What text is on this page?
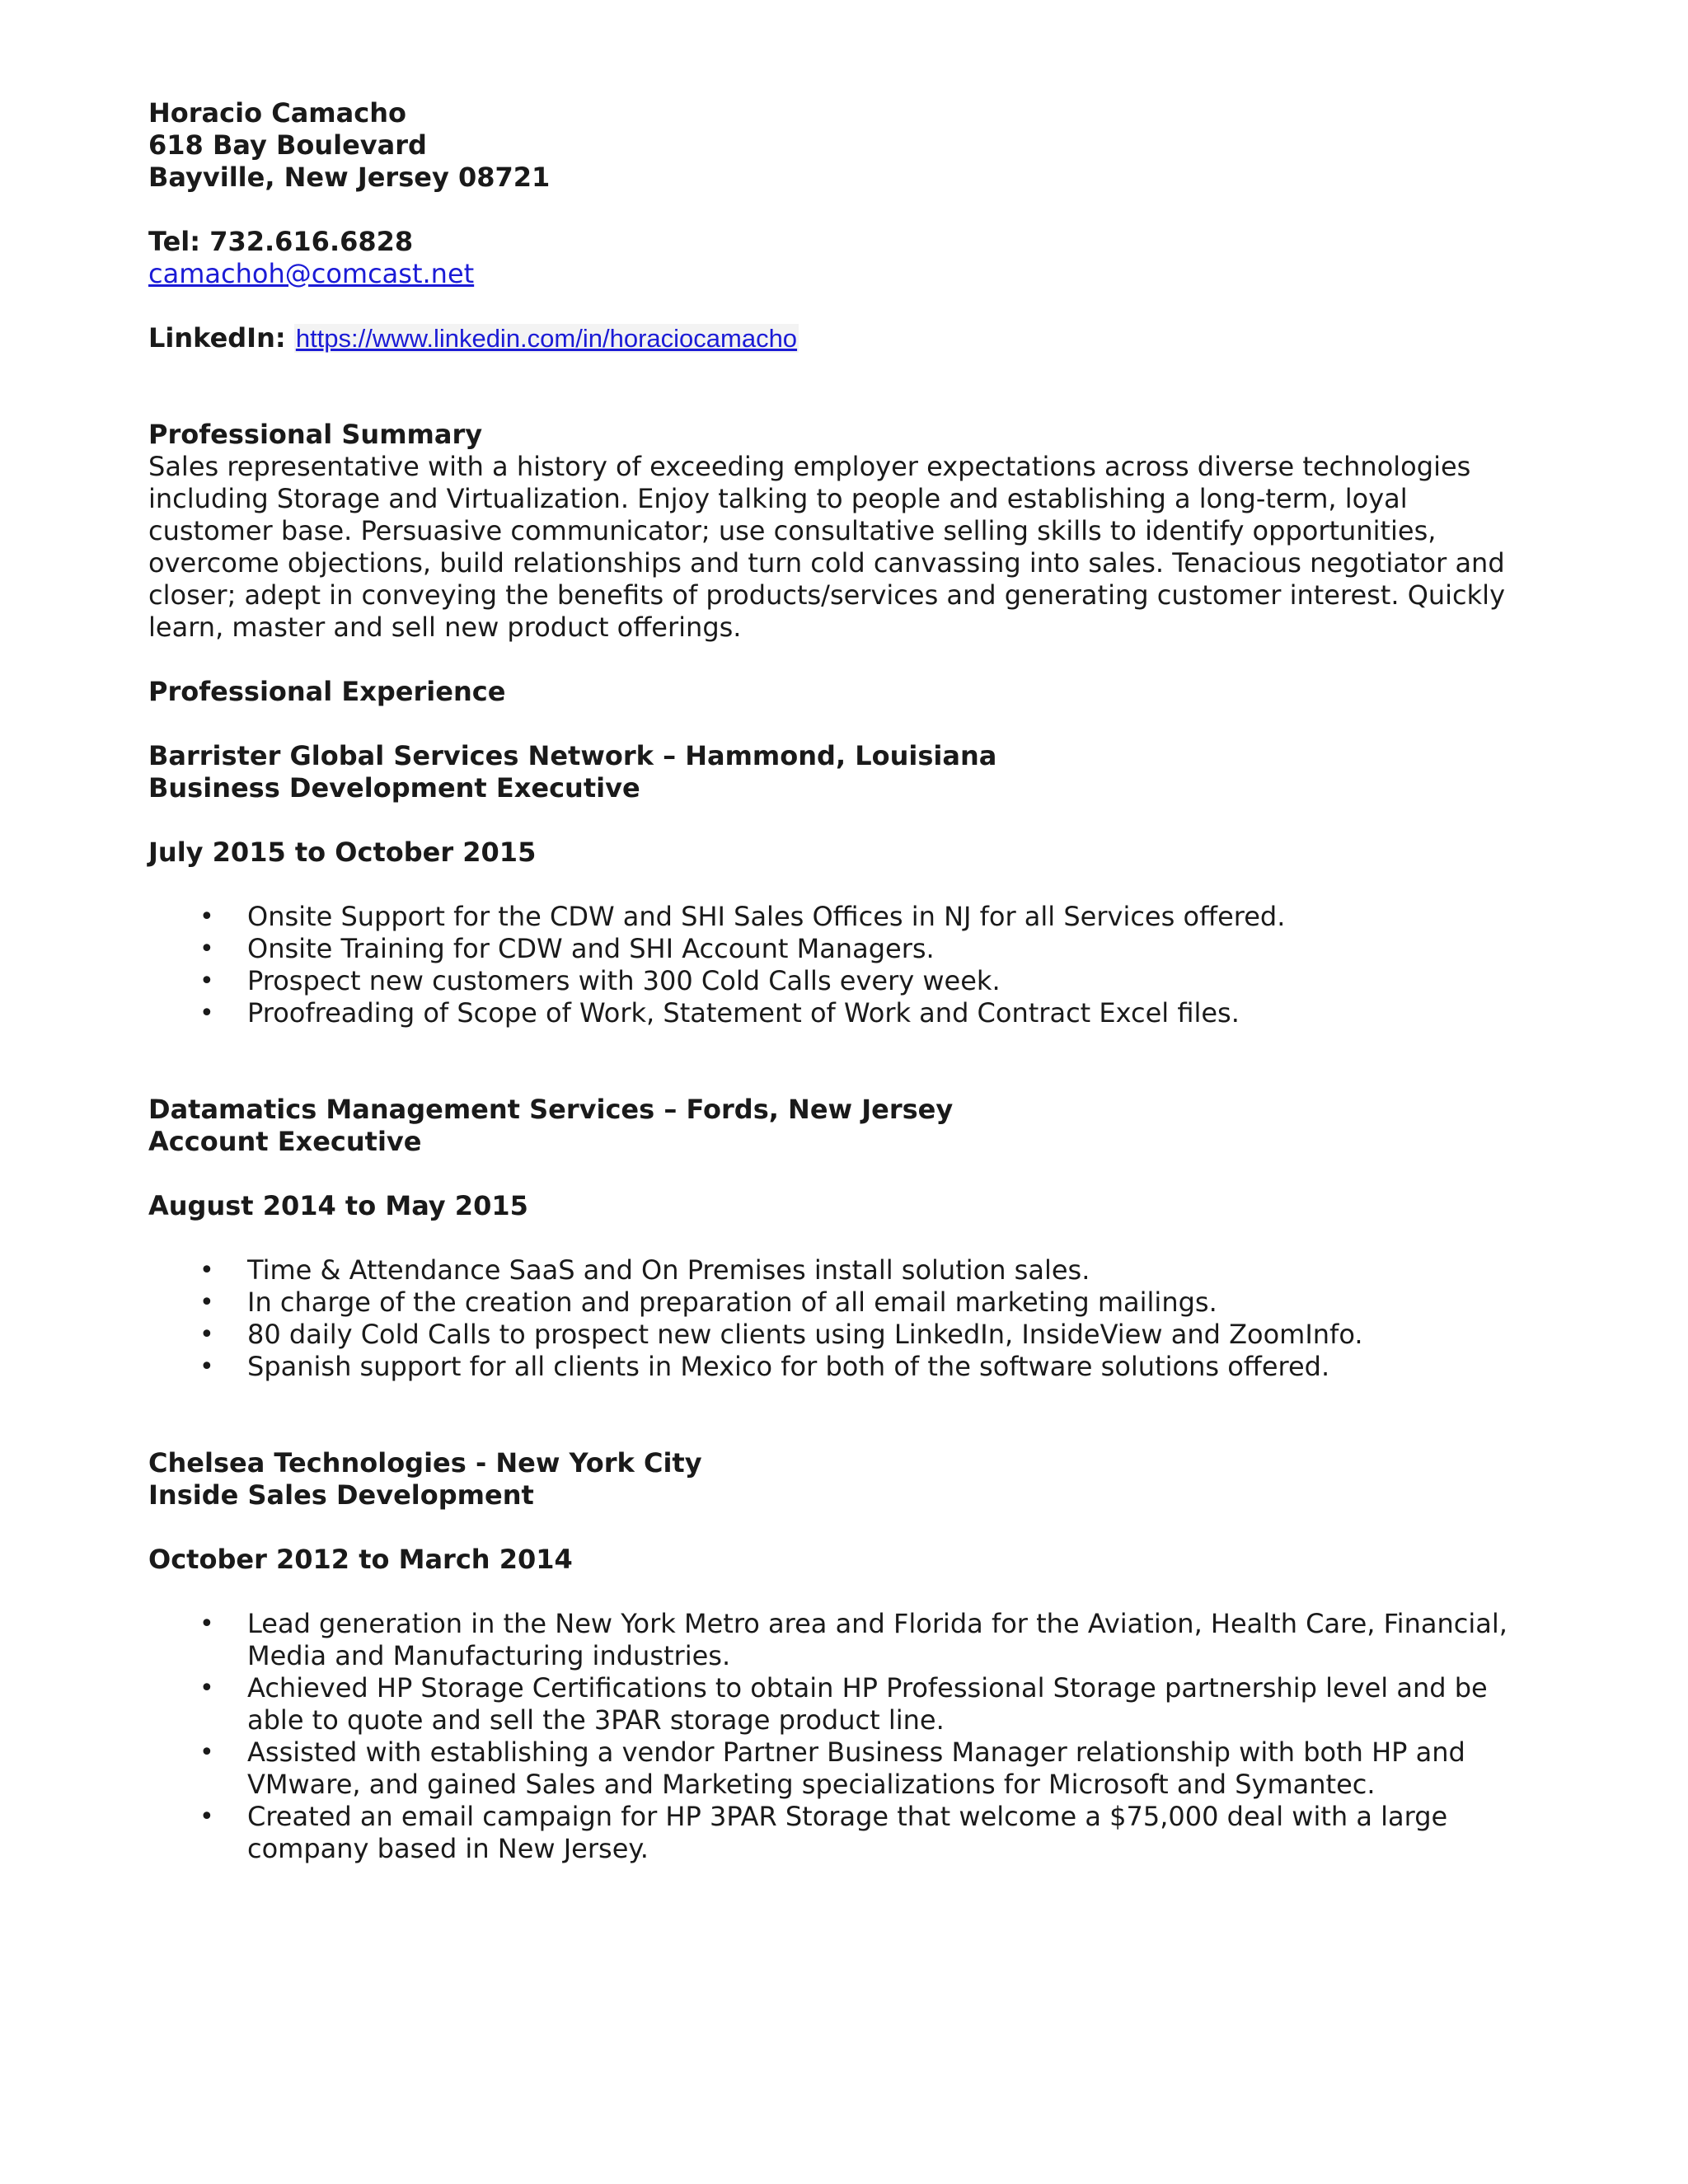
Horacio Camacho
618 Bay Boulevard
Bayville, New Jersey 08721
Tel: 732.616.6828
camachoh@comcast.net
LinkedIn: https://www.linkedin.com/in/horaciocamacho
Professional Summary
Sales representative with a history of exceeding employer expectations across diverse technologies
including Storage and Virtualization. Enjoy talking to people and establishing a long-term, loyal
customer base. Persuasive communicator; use consultative selling skills to identify opportunities,
overcome objections, build relationships and turn cold canvassing into sales. Tenacious negotiator and
closer; adept in conveying the benefits of products/services and generating customer interest. Quickly
learn, master and sell new product offerings.
Professional Experience
Barrister Global Services Network – Hammond, Louisiana
Business Development Executive
July 2015 to October 2015
• Onsite Support for the CDW and SHI Sales Offices in NJ for all Services offered.
• Onsite Training for CDW and SHI Account Managers.
• Prospect new customers with 300 Cold Calls every week.
• Proofreading of Scope of Work, Statement of Work and Contract Excel files.
Datamatics Management Services – Fords, New Jersey
Account Executive
August 2014 to May 2015
• Time & Attendance SaaS and On Premises install solution sales.
• In charge of the creation and preparation of all email marketing mailings.
• 80 daily Cold Calls to prospect new clients using LinkedIn, InsideView and ZoomInfo.
• Spanish support for all clients in Mexico for both of the software solutions offered.
Chelsea Technologies - New York City
Inside Sales Development
October 2012 to March 2014
• Lead generation in the New York Metro area and Florida for the Aviation, Health Care, Financial, Media and Manufacturing industries.
• Achieved HP Storage Certifications to obtain HP Professional Storage partnership level and be able to quote and sell the 3PAR storage product line.
• Assisted with establishing a vendor Partner Business Manager relationship with both HP and VMware, and gained Sales and Marketing specializations for Microsoft and Symantec.
• Created an email campaign for HP 3PAR Storage that welcome a $75,000 deal with a large company based in New Jersey.
